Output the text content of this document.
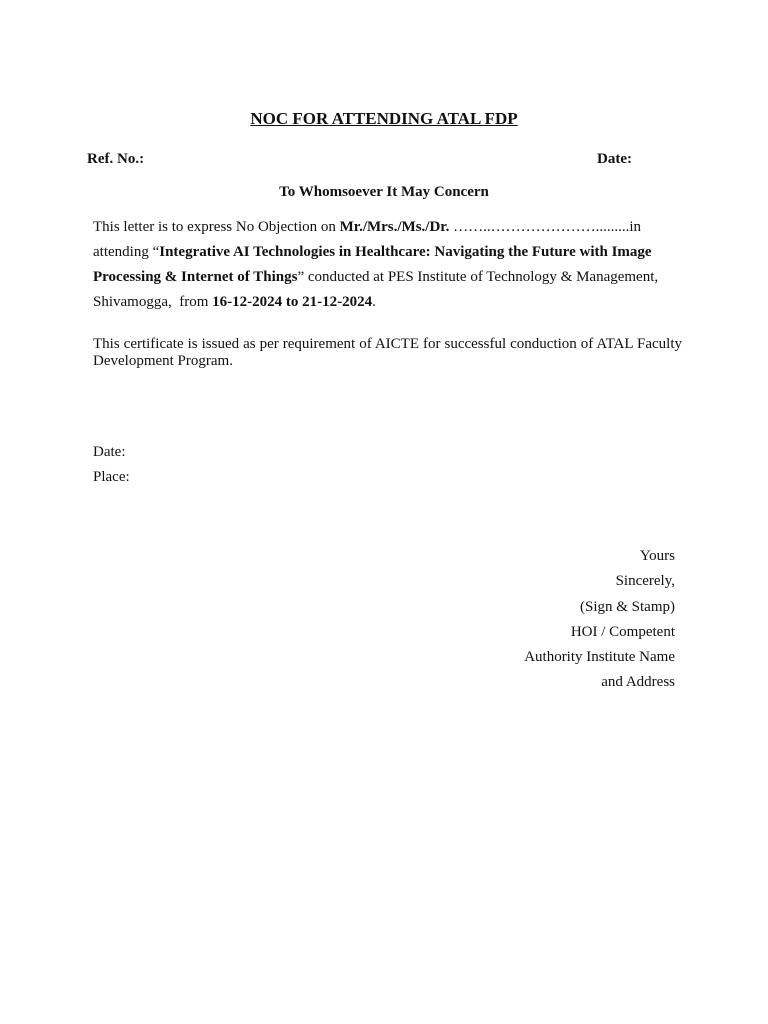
NOC FOR ATTENDING ATAL FDP
Ref. No.:	Date:
To Whomsoever It May Concern
This letter is to express No Objection on Mr./Mrs./Ms./Dr. ……..………………….........in
attending “Integrative AI Technologies in Healthcare: Navigating the Future with Image
Processing & Internet of Things” conducted at PES Institute of Technology & Management,
Shivamogga,  from 16-12-2024 to 21-12-2024.
This certificate is issued as per requirement of AICTE for successful conduction of ATAL Faculty Development Program.
Date:
Place:
Yours
Sincerely,
(Sign & Stamp)
HOI / Competent
Authority Institute Name
and Address
